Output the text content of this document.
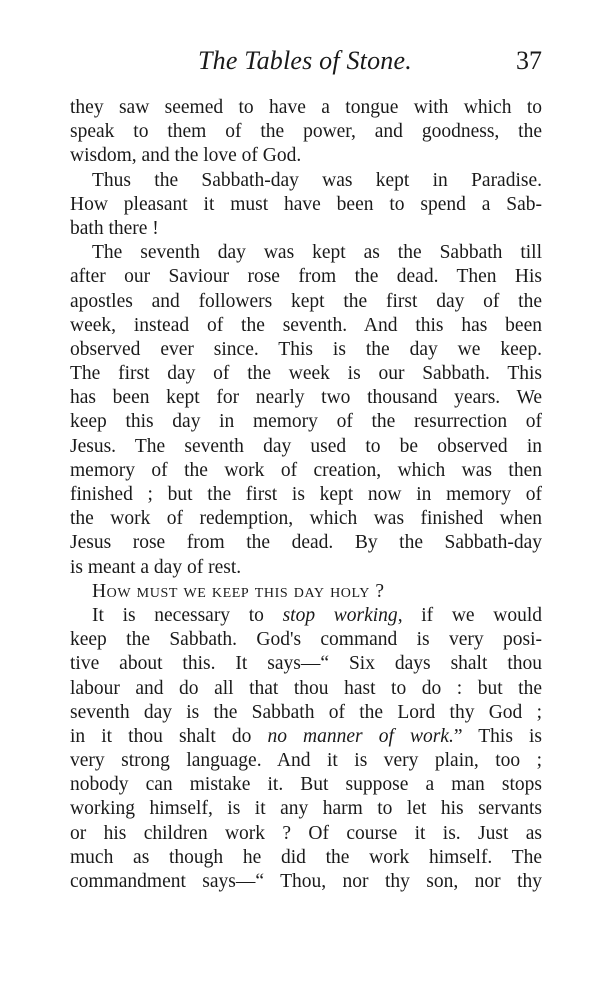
The Tables of Stone.	37
they saw seemed to have a tongue with which to
speak to them of the power, and goodness, the
wisdom, and the love of God.
Thus the Sabbath-day was kept in Paradise.
How pleasant it must have been to spend a Sab-
bath there !
The seventh day was kept as the Sabbath till
after our Saviour rose from the dead. Then His
apostles and followers kept the first day of the
week, instead of the seventh. And this has been
observed ever since. This is the day we keep.
The first day of the week is our Sabbath. This
has been kept for nearly two thousand years. We
keep this day in memory of the resurrection of
Jesus. The seventh day used to be observed in
memory of the work of creation, which was then
finished ; but the first is kept now in memory of
the work of redemption, which was finished when
Jesus rose from the dead. By the Sabbath-day
is meant a day of rest.
How must we keep this day holy ?
It is necessary to stop working, if we would
keep the Sabbath. God's command is very posi-
tive about this. It says—“ Six days shalt thou
labour and do all that thou hast to do : but the
seventh day is the Sabbath of the Lord thy God ;
in it thou shalt do no manner of work.” This is
very strong language. And it is very plain, too ;
nobody can mistake it. But suppose a man stops
working himself, is it any harm to let his servants
or his children work ? Of course it is. Just as
much as though he did the work himself. The
commandment says—“ Thou, nor thy son, nor thy
